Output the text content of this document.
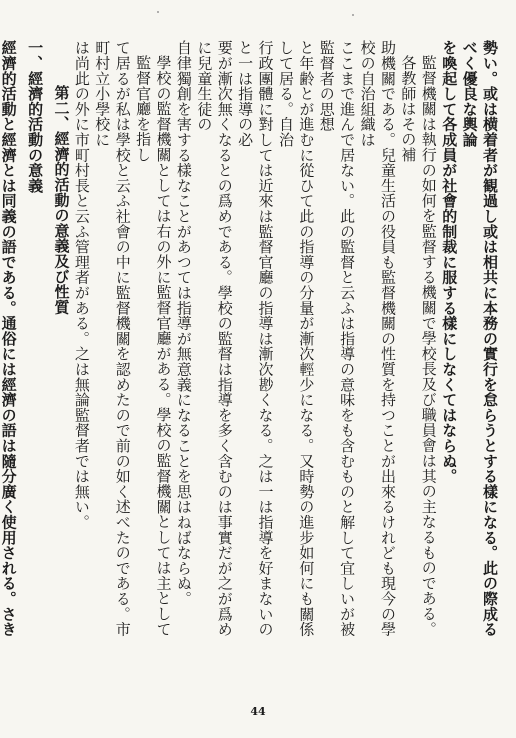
勢い。或は横着者が観過し或は相共に本務の實行を怠らうとする樣になる。此の際成るべく優良な輿論

を喚起して各成員が社會的制裁に服する樣にしなくてはならぬ。

監督機關は執行の如何を監督する機關で學校長及び職員會は其の主なるものである。各教師はその補

助機關である。兒童生活の役員も監督機關の性質を持つことが出來るけれども現今の學校の自治組織は

ここまで進んで居ない。此の監督と云ふは指導の意味をも含むものと解して宜しいが被監督者の思想

と年齢とが進むに從ひて此の指導の分量が漸次輕少になる。又時勢の進步如何にも關係して居る。自治

行政團體に對しては近來は監督官廳の指導は漸次尠くなる。之は一は指導を好まないのと一は指導の必

要が漸次無くなるとの爲めである。學校の監督は指導を多く含むのは事實だが之が爲めに兒童生徒の

自律獨創を害する樣なことがあつては指導が無意義になることを思はねばならぬ。

學校の監督機關としては右の外に監督官廳がある。學校の監督機關としては主として監督官廳を指し

て居るが私は學校と云ふ社會の中に監督機關を認めたので前の如く述べたのである。市町村立小學校に

は尚此の外に市町村長と云ふ管理者がある。之は無論監督者では無い。

第二、經濟的活動の意義及び性質

一、經濟的活動の意義

經濟的活動と經濟とは同義の語である。通俗には經濟の語は隨分廣く使用される。さき

44
